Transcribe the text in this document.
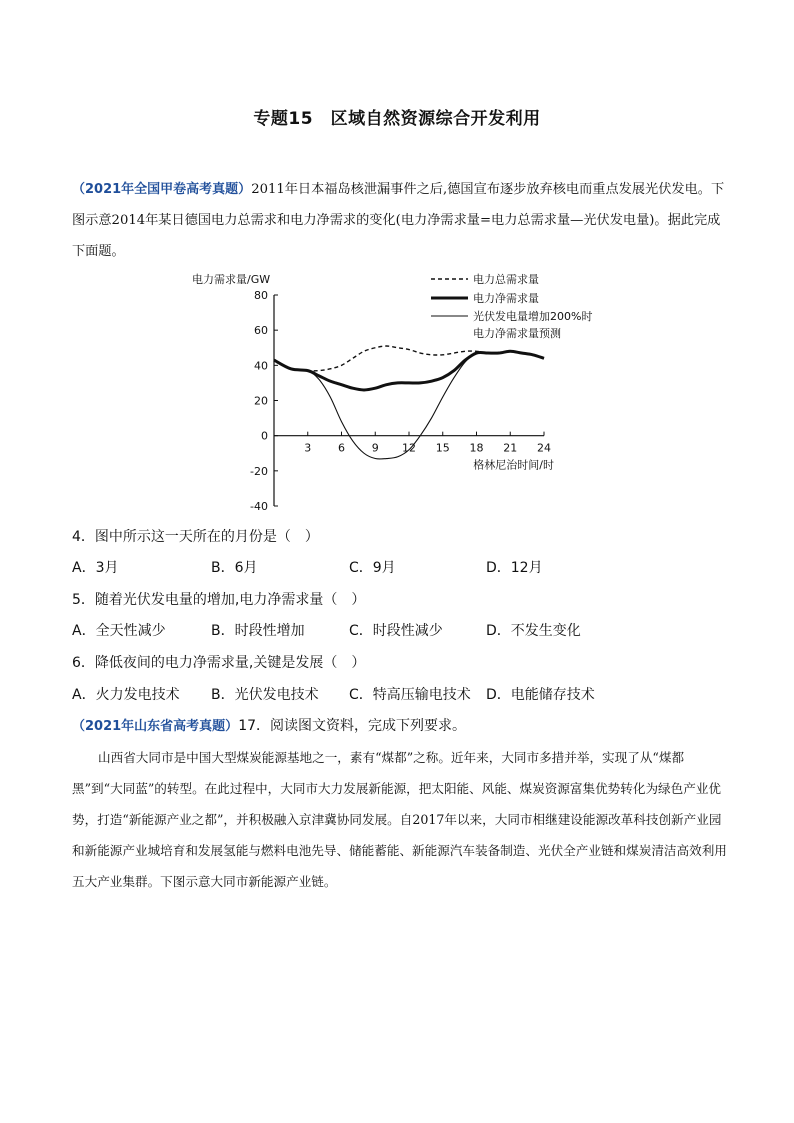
专题15　区域自然资源综合开发利用
（2021年全国甲卷高考真题）2011年日本福岛核泄漏事件之后,德国宣布逐步放弃核电而重点发展光伏发电。下图示意2014年某日德国电力总需求和电力净需求的变化(电力净需求量=电力总需求量—光伏发电量)。据此完成下面题。
电力需求量/GW
格林尼治时间/时
80
60
40
20
0
-20
-40
3 6 9 12 15 18 21 24
电力总需求量
电力净需求量
光伏发电量增加200%时
电力净需求量预测
4．图中所示这一天所在的月份是（　）
A．3月	B．6月	C．9月	D．12月
5．随着光伏发电量的增加,电力净需求量（　）
A．全天性减少	B．时段性增加	C．时段性减少	D．不发生变化
6．降低夜间的电力净需求量,关键是发展（　）
A．火力发电技术 B．光伏发电技术 C．特高压输电技术 D．电能储存技术
（2021年山东省高考真题）17．阅读图文资料，完成下列要求。
山西省大同市是中国大型煤炭能源基地之一，素有“煤都”之称。近年来，大同市多措并举，实现了从“煤都黑”到“大同蓝”的转型。在此过程中，大同市大力发展新能源，把太阳能、风能、煤炭资源富集优势转化为绿色产业优势，打造“新能源产业之都”，并积极融入京津冀协同发展。自2017年以来，大同市相继建设能源改革科技创新产业园和新能源产业城培育和发展氢能与燃料电池先导、储能蓄能、新能源汽车装备制造、光伏全产业链和煤炭清洁高效利用五大产业集群。下图示意大同市新能源产业链。
